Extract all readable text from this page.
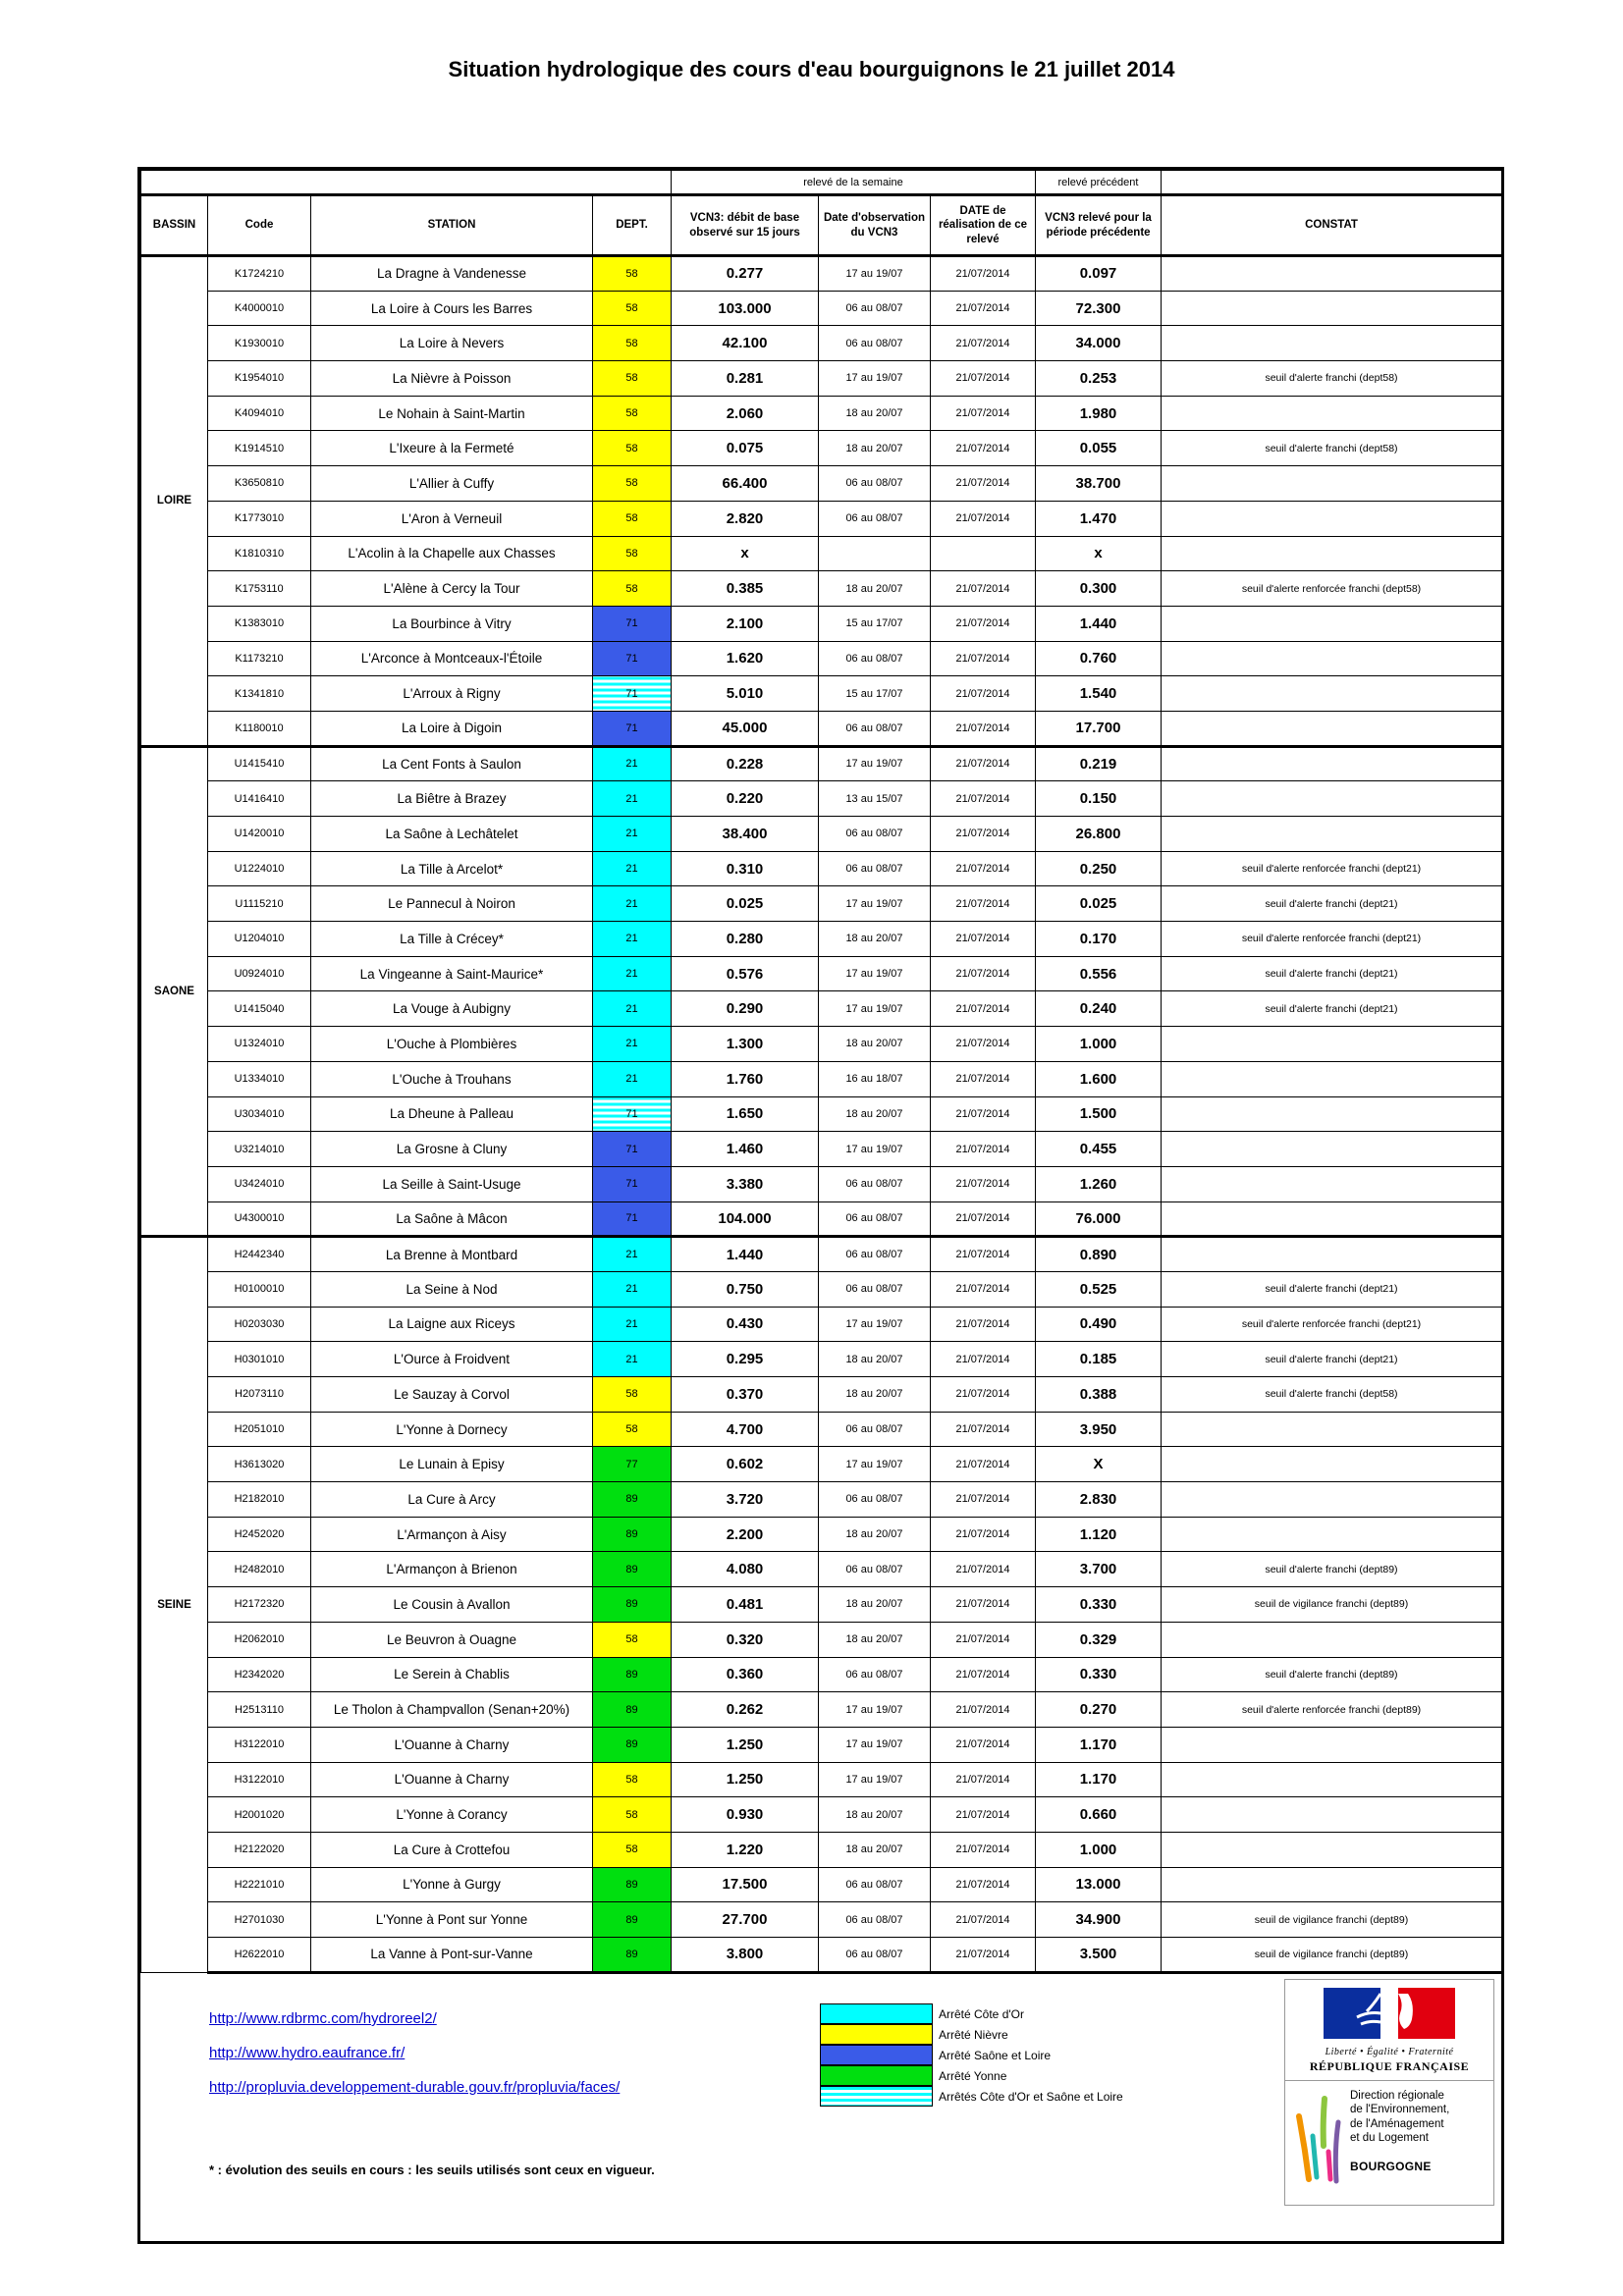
Situation hydrologique des cours d'eau bourguignons le 21 juillet 2014
				relevé de la semaine			relevé précédent	
BASSIN	Code	STATION	DEPT.	VCN3: débit de base observé sur 15 jours	Date d'observation du VCN3	DATE de réalisation de ce relevé	VCN3 relevé pour la période précédente	CONSTAT
LOIRE	K1724210	La Dragne à Vandenesse	58	0.277	17 au 19/07	21/07/2014	0.097	
	K4000010	La Loire à Cours les Barres	58	103.000	06 au 08/07	21/07/2014	72.300	
	K1930010	La Loire à Nevers	58	42.100	06 au 08/07	21/07/2014	34.000	
	K1954010	La Nièvre à Poisson	58	0.281	17 au 19/07	21/07/2014	0.253	seuil d'alerte franchi (dept58)
	K4094010	Le Nohain à Saint-Martin	58	2.060	18 au 20/07	21/07/2014	1.980	
	K1914510	L'Ixeure à la Fermeté	58	0.075	18 au 20/07	21/07/2014	0.055	seuil d'alerte franchi (dept58)
	K3650810	L'Allier à Cuffy	58	66.400	06 au 08/07	21/07/2014	38.700	
	K1773010	L'Aron à Verneuil	58	2.820	06 au 08/07	21/07/2014	1.470	
	K1810310	L'Acolin à la Chapelle aux Chasses	58	x			x	
	K1753110	L'Alène à Cercy la Tour	58	0.385	18 au 20/07	21/07/2014	0.300	seuil d'alerte renforcée franchi (dept58)
	K1383010	La Bourbince à Vitry	71	2.100	15 au 17/07	21/07/2014	1.440	
	K1173210	L'Arconce à Montceaux-l'Étoile	71	1.620	06 au 08/07	21/07/2014	0.760	
	K1341810	L'Arroux à Rigny	71	5.010	15 au 17/07	21/07/2014	1.540	
	K1180010	La Loire à Digoin	71	45.000	06 au 08/07	21/07/2014	17.700	
SAONE	U1415410	La Cent Fonts à Saulon	21	0.228	17 au 19/07	21/07/2014	0.219	
	U1416410	La Biêtre à Brazey	21	0.220	13 au 15/07	21/07/2014	0.150	
	U1420010	La Saône à Lechâtelet	21	38.400	06 au 08/07	21/07/2014	26.800	
	U1224010	La Tille à Arcelot*	21	0.310	06 au 08/07	21/07/2014	0.250	seuil d'alerte renforcée franchi (dept21)
	U1115210	Le Pannecul à Noiron	21	0.025	17 au 19/07	21/07/2014	0.025	seuil d'alerte franchi (dept21)
	U1204010	La Tille à Crécey*	21	0.280	18 au 20/07	21/07/2014	0.170	seuil d'alerte renforcée franchi (dept21)
	U0924010	La Vingeanne à Saint-Maurice*	21	0.576	17 au 19/07	21/07/2014	0.556	seuil d'alerte franchi (dept21)
	U1415040	La Vouge à Aubigny	21	0.290	17 au 19/07	21/07/2014	0.240	seuil d'alerte franchi (dept21)
	U1324010	L'Ouche à Plombières	21	1.300	18 au 20/07	21/07/2014	1.000	
	U1334010	L'Ouche à Trouhans	21	1.760	16 au 18/07	21/07/2014	1.600	
	U3034010	La Dheune à Palleau	71	1.650	18 au 20/07	21/07/2014	1.500	
	U3214010	La Grosne à Cluny	71	1.460	17 au 19/07	21/07/2014	0.455	
	U3424010	La Seille à Saint-Usuge	71	3.380	06 au 08/07	21/07/2014	1.260	
	U4300010	La Saône à Mâcon	71	104.000	06 au 08/07	21/07/2014	76.000	
SEINE	H2442340	La Brenne à Montbard	21	1.440	06 au 08/07	21/07/2014	0.890	
	H0100010	La Seine à Nod	21	0.750	06 au 08/07	21/07/2014	0.525	seuil d'alerte franchi (dept21)
	H0203030	La Laigne aux Riceys	21	0.430	17 au 19/07	21/07/2014	0.490	seuil d'alerte renforcée franchi (dept21)
	H0301010	L'Ource à Froidvent	21	0.295	18 au 20/07	21/07/2014	0.185	seuil d'alerte franchi (dept21)
	H2073110	Le Sauzay à Corvol	58	0.370	18 au 20/07	21/07/2014	0.388	seuil d'alerte franchi (dept58)
	H2051010	L'Yonne à Dornecy	58	4.700	06 au 08/07	21/07/2014	3.950	
	H3613020	Le Lunain à Episy	77	0.602	17 au 19/07	21/07/2014	X	
	H2182010	La Cure à Arcy	89	3.720	06 au 08/07	21/07/2014	2.830	
	H2452020	L'Armançon à Aisy	89	2.200	18 au 20/07	21/07/2014	1.120	
	H2482010	L'Armançon à Brienon	89	4.080	06 au 08/07	21/07/2014	3.700	seuil d'alerte franchi (dept89)
	H2172320	Le Cousin à Avallon	89	0.481	18 au 20/07	21/07/2014	0.330	seuil de vigilance franchi (dept89)
	H2062010	Le Beuvron à Ouagne	58	0.320	18 au 20/07	21/07/2014	0.329	
	H2342020	Le Serein à Chablis	89	0.360	06 au 08/07	21/07/2014	0.330	seuil d'alerte franchi (dept89)
	H2513110	Le Tholon à Champvallon (Senan+20%)	89	0.262	17 au 19/07	21/07/2014	0.270	seuil d'alerte renforcée franchi (dept89)
	H3122010	L'Ouanne à Charny	89	1.250	17 au 19/07	21/07/2014	1.170	
	H3122010	L'Ouanne à Charny	58	1.250	17 au 19/07	21/07/2014	1.170	
	H2001020	L'Yonne à Corancy	58	0.930	18 au 20/07	21/07/2014	0.660	
	H2122020	La Cure à Crottefou	58	1.220	18 au 20/07	21/07/2014	1.000	
	H2221010	L'Yonne à Gurgy	89	17.500	06 au 08/07	21/07/2014	13.000	
	H2701030	L'Yonne à Pont sur Yonne	89	27.700	06 au 08/07	21/07/2014	34.900	seuil de vigilance franchi (dept89)
	H2622010	La Vanne à Pont-sur-Vanne	89	3.800	06 au 08/07	21/07/2014	3.500	seuil de vigilance franchi (dept89)
http://www.rdbrmc.com/hydroreel2/
http://www.hydro.eaufrance.fr/
http://propluvia.developpement-durable.gouv.fr/propluvia/faces/
* : évolution des seuils en cours : les seuils utilisés sont ceux en vigueur.
Arrêté Côte d'Or
Arrêté Nièvre
Arrêté Saône et Loire
Arrêté Yonne
Arrêtés Côte d'Or et Saône et Loire
Liberté • Égalité • Fraternité
RÉPUBLIQUE FRANÇAISE
Direction régionale
de l'Environnement,
de l'Aménagement
et du Logement
BOURGOGNE
